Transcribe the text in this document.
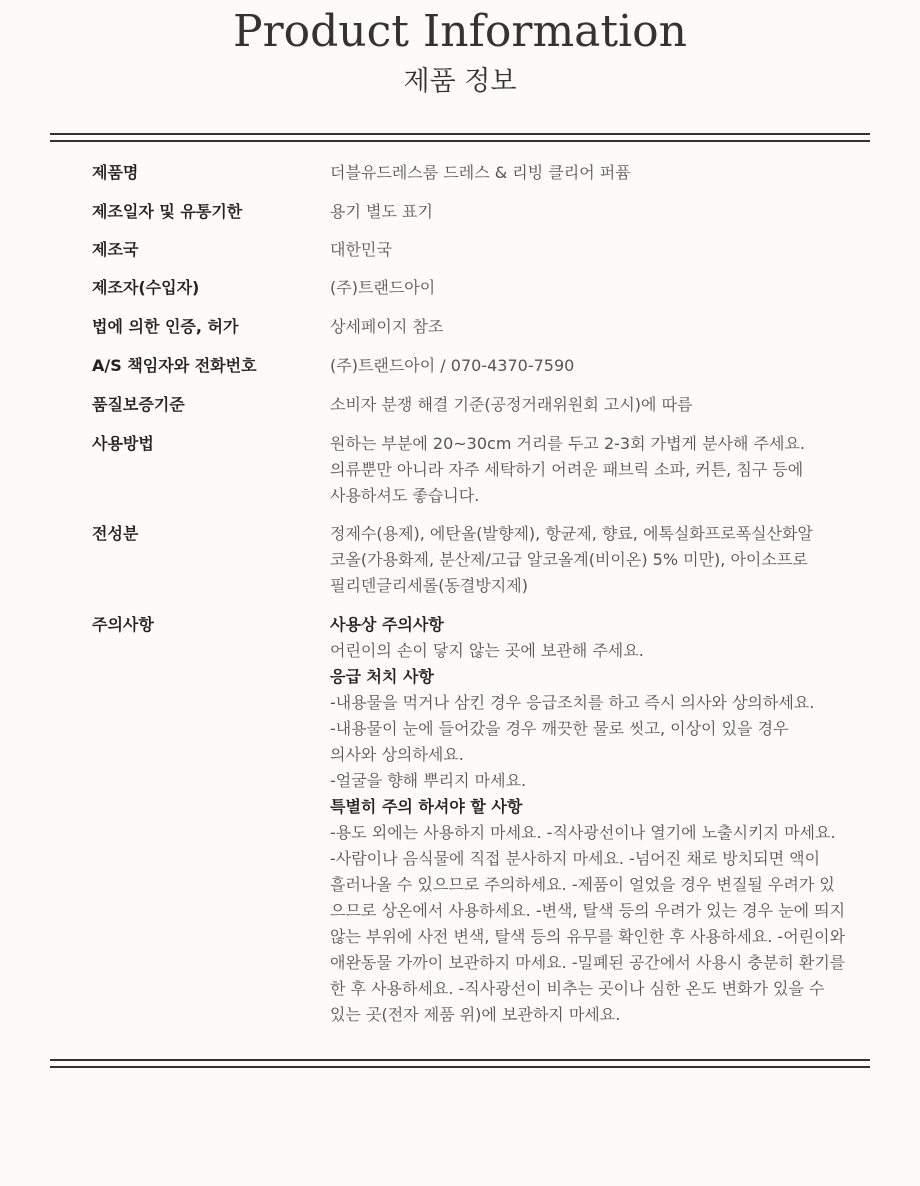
Product Information
제품 정보
제품명	더블유드레스룸 드레스 & 리빙 클리어 퍼퓸
제조일자 및 유통기한	용기 별도 표기
제조국	대한민국
제조자(수입자)	(주)트랜드아이
법에 의한 인증, 허가	상세페이지 참조
A/S 책임자와 전화번호	(주)트랜드아이 / 070-4370-7590
품질보증기준	소비자 분쟁 해결 기준(공정거래위원회 고시)에 따름
사용방법	원하는 부분에 20~30cm 거리를 두고 2-3회 가볍게 분사해 주세요.
의류뿐만 아니라 자주 세탁하기 어려운 패브릭 소파, 커튼, 침구 등에
사용하셔도 좋습니다.
전성분	정제수(용제), 에탄올(발향제), 항균제, 향료, 에톡실화프로폭실산화알
코올(가용화제, 분산제/고급 알코올계(비이온) 5% 미만), 아이소프로
필리덴글리세롤(동결방지제)
주의사항	사용상 주의사항
어린이의 손이 닿지 않는 곳에 보관해 주세요.
응급 처치 사항
-내용물을 먹거나 삼킨 경우 응급조치를 하고 즉시 의사와 상의하세요.
-내용물이 눈에 들어갔을 경우 깨끗한 물로 씻고, 이상이 있을 경우
의사와 상의하세요.
-얼굴을 향해 뿌리지 마세요.
특별히 주의 하셔야 할 사항
-용도 외에는 사용하지 마세요. -직사광선이나 열기에 노출시키지 마세요.
-사람이나 음식물에 직접 분사하지 마세요. -넘어진 채로 방치되면 액이
흘러나올 수 있으므로 주의하세요. -제품이 얼었을 경우 변질될 우려가 있
으므로 상온에서 사용하세요. -변색, 탈색 등의 우려가 있는 경우 눈에 띄지
않는 부위에 사전 변색, 탈색 등의 유무를 확인한 후 사용하세요. -어린이와
애완동물 가까이 보관하지 마세요. -밀폐된 공간에서 사용시 충분히 환기를
한 후 사용하세요. -직사광선이 비추는 곳이나 심한 온도 변화가 있을 수
있는 곳(전자 제품 위)에 보관하지 마세요.
